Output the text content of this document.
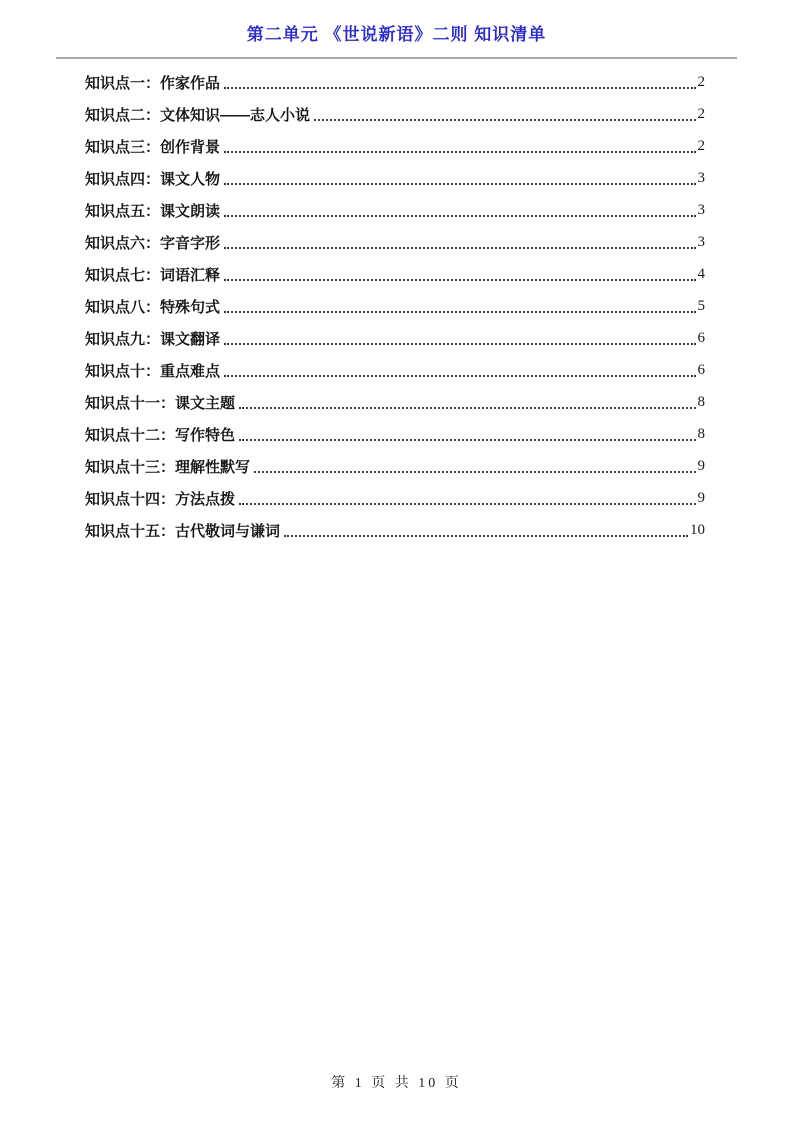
第二单元 《世说新语》二则 知识清单
知识点一：作家作品	2
知识点二：文体知识——志人小说	2
知识点三：创作背景	2
知识点四：课文人物	3
知识点五：课文朗读	3
知识点六：字音字形	3
知识点七：词语汇释	4
知识点八：特殊句式	5
知识点九：课文翻译	6
知识点十：重点难点	6
知识点十一：课文主题	8
知识点十二：写作特色	8
知识点十三：理解性默写	9
知识点十四：方法点拨	9
知识点十五：古代敬词与谦词	10
第 1 页 共 10 页
